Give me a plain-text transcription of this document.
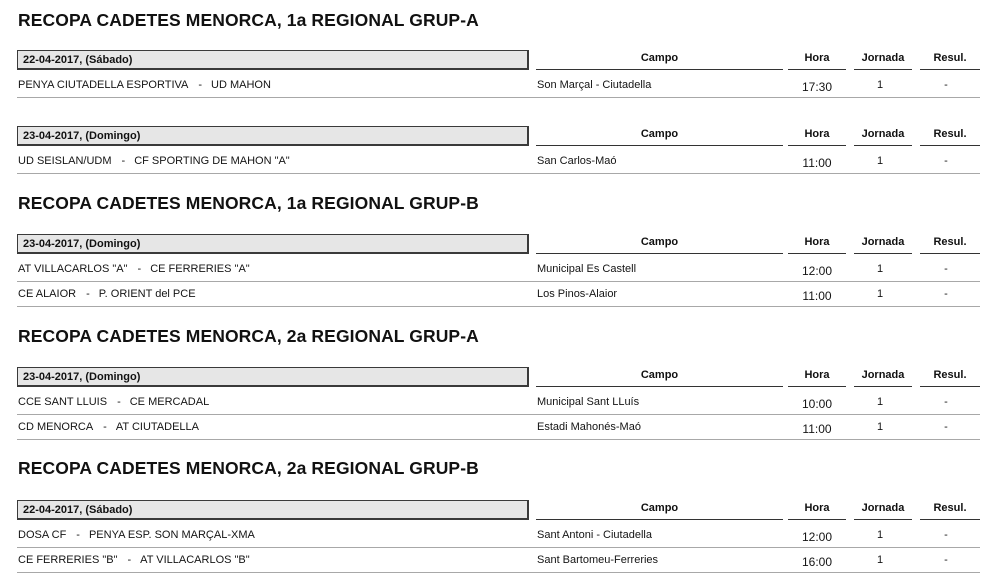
RECOPA CADETES MENORCA, 1a REGIONAL GRUP-A
22-04-2017, (Sábado)	Campo	Hora	Jornada	Resul.
PENYA CIUTADELLA ESPORTIVA - UD MAHON	Son Marçal - Ciutadella	17:30	1	-
23-04-2017, (Domingo)	Campo	Hora	Jornada	Resul.
UD SEISLAN/UDM - CF SPORTING DE MAHON "A"	San Carlos-Maó	11:00	1	-
RECOPA CADETES MENORCA, 1a REGIONAL GRUP-B
23-04-2017, (Domingo)	Campo	Hora	Jornada	Resul.
AT VILLACARLOS "A" - CE FERRERIES "A"	Municipal Es Castell	12:00	1	-
CE ALAIOR - P. ORIENT del PCE	Los Pinos-Alaior	11:00	1	-
RECOPA CADETES MENORCA, 2a REGIONAL GRUP-A
23-04-2017, (Domingo)	Campo	Hora	Jornada	Resul.
CCE SANT LLUIS - CE MERCADAL	Municipal Sant LLuís	10:00	1	-
CD MENORCA - AT CIUTADELLA	Estadi Mahonés-Maó	11:00	1	-
RECOPA CADETES MENORCA, 2a REGIONAL GRUP-B
22-04-2017, (Sábado)	Campo	Hora	Jornada	Resul.
DOSA CF - PENYA ESP. SON MARÇAL-XMA	Sant Antoni - Ciutadella	12:00	1	-
CE FERRERIES "B" - AT VILLACARLOS "B"	Sant Bartomeu-Ferreries	16:00	1	-
